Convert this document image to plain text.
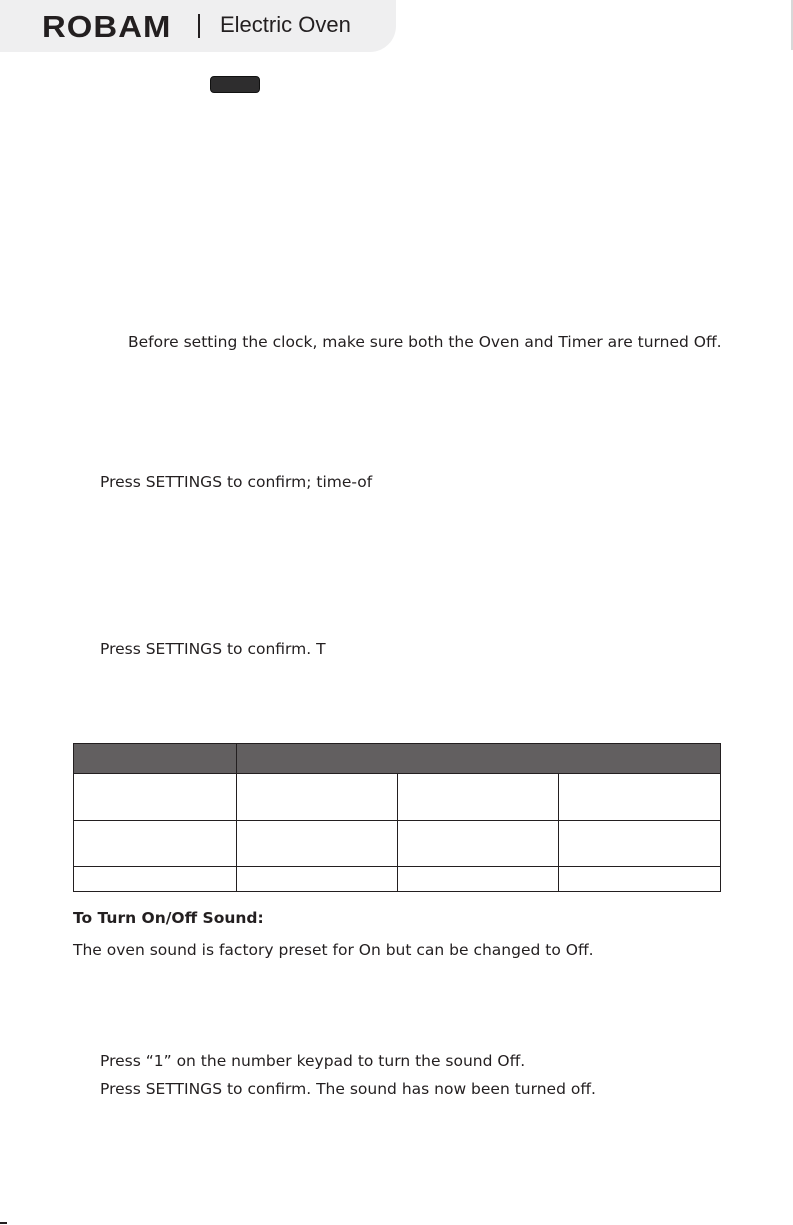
ROBAM Electric Oven
Before setting the clock, make sure both the Oven and Timer are turned Off.
Press SETTINGS to confirm; time-of
Press SETTINGS to confirm. T

To Turn On/Off Sound:
The oven sound is factory preset for On but can be changed to Off.
Press “1” on the number keypad to turn the sound Off.
Press SETTINGS to confirm. The sound has now been turned off.
